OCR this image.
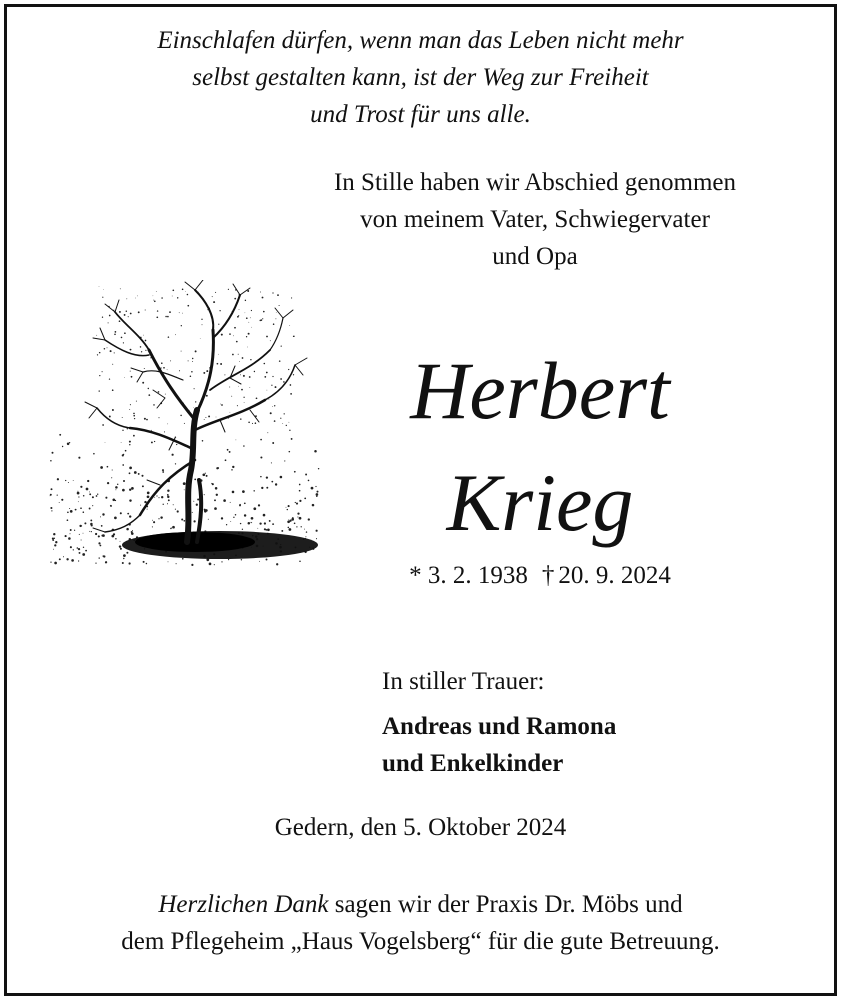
Einschlafen dürfen, wenn man das Leben nicht mehr
selbst gestalten kann, ist der Weg zur Freiheit
und Trost für uns alle.
In Stille haben wir Abschied genommen
von meinem Vater, Schwiegervater
und Opa
Herbert
Krieg
* 3. 2. 1938 † 20. 9. 2024
In stiller Trauer:
Andreas und Ramona
und Enkelkinder
Gedern, den 5. Oktober 2024
Herzlichen Dank sagen wir der Praxis Dr. Möbs und
dem Pflegeheim „Haus Vogelsberg“ für die gute Betreuung.
